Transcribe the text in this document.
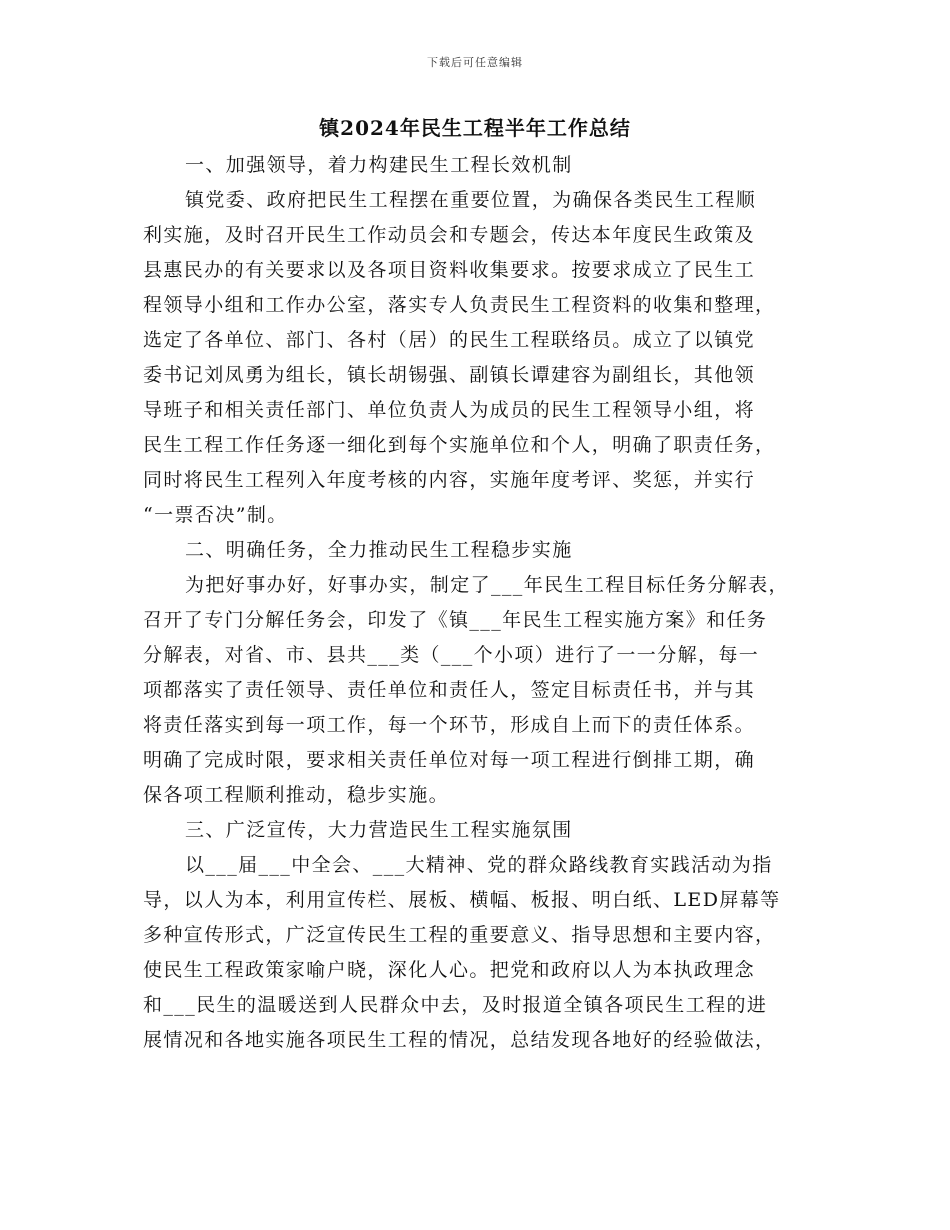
下载后可任意编辑
镇2024年民生工程半年工作总结
一、加强领导，着力构建民生工程长效机制
镇党委、政府把民生工程摆在重要位置，为确保各类民生工程顺
利实施，及时召开民生工作动员会和专题会，传达本年度民生政策及
县惠民办的有关要求以及各项目资料收集要求。按要求成立了民生工
程领导小组和工作办公室，落实专人负责民生工程资料的收集和整理，
选定了各单位、部门、各村（居）的民生工程联络员。成立了以镇党
委书记刘凤勇为组长，镇长胡锡强、副镇长谭建容为副组长，其他领
导班子和相关责任部门、单位负责人为成员的民生工程领导小组，将
民生工程工作任务逐一细化到每个实施单位和个人，明确了职责任务，
同时将民生工程列入年度考核的内容，实施年度考评、奖惩，并实行
“一票否决”制。
二、明确任务，全力推动民生工程稳步实施
为把好事办好，好事办实，制定了___年民生工程目标任务分解表，
召开了专门分解任务会，印发了《镇___年民生工程实施方案》和任务
分解表，对省、市、县共___类（___个小项）进行了一一分解，每一
项都落实了责任领导、责任单位和责任人，签定目标责任书，并与其
将责任落实到每一项工作，每一个环节，形成自上而下的责任体系。
明确了完成时限，要求相关责任单位对每一项工程进行倒排工期，确
保各项工程顺利推动，稳步实施。
三、广泛宣传，大力营造民生工程实施氛围
以___届___中全会、___大精神、党的群众路线教育实践活动为指
导，以人为本，利用宣传栏、展板、横幅、板报、明白纸、LED屏幕等
多种宣传形式，广泛宣传民生工程的重要意义、指导思想和主要内容，
使民生工程政策家喻户晓，深化人心。把党和政府以人为本执政理念
和___民生的温暖送到人民群众中去，及时报道全镇各项民生工程的进
展情况和各地实施各项民生工程的情况，总结发现各地好的经验做法，
